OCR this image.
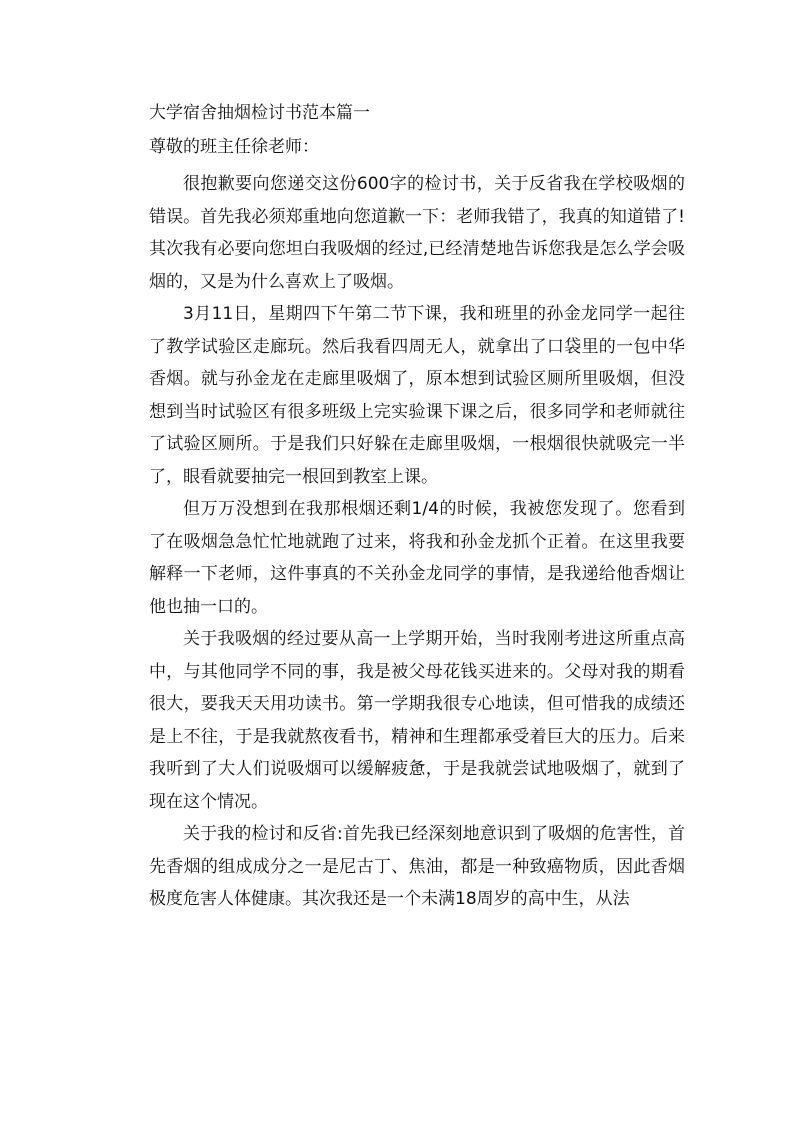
大学宿舍抽烟检讨书范本篇一

尊敬的班主任徐老师：

很抱歉要向您递交这份600字的检讨书，关于反省我在学校吸烟的错误。首先我必须郑重地向您道歉一下：老师我错了，我真的知道错了!其次我有必要向您坦白我吸烟的经过,已经清楚地告诉您我是怎么学会吸烟的，又是为什么喜欢上了吸烟。

3月11日，星期四下午第二节下课，我和班里的孙金龙同学一起往了教学试验区走廊玩。然后我看四周无人，就拿出了口袋里的一包中华香烟。就与孙金龙在走廊里吸烟了，原本想到试验区厕所里吸烟，但没想到当时试验区有很多班级上完实验课下课之后，很多同学和老师就往了试验区厕所。于是我们只好躲在走廊里吸烟，一根烟很快就吸完一半了，眼看就要抽完一根回到教室上课。

但万万没想到在我那根烟还剩1/4的时候，我被您发现了。您看到了在吸烟急急忙忙地就跑了过来，将我和孙金龙抓个正着。在这里我要解释一下老师，这件事真的不关孙金龙同学的事情，是我递给他香烟让他也抽一口的。

关于我吸烟的经过要从高一上学期开始，当时我刚考进这所重点高中，与其他同学不同的事，我是被父母花钱买进来的。父母对我的期看很大，要我天天用功读书。第一学期我很专心地读，但可惜我的成绩还是上不往，于是我就熬夜看书，精神和生理都承受着巨大的压力。后来我听到了大人们说吸烟可以缓解疲惫，于是我就尝试地吸烟了，就到了现在这个情况。

关于我的检讨和反省:首先我已经深刻地意识到了吸烟的危害性，首先香烟的组成成分之一是尼古丁、焦油，都是一种致癌物质，因此香烟极度危害人体健康。其次我还是一个未满18周岁的高中生，从法
